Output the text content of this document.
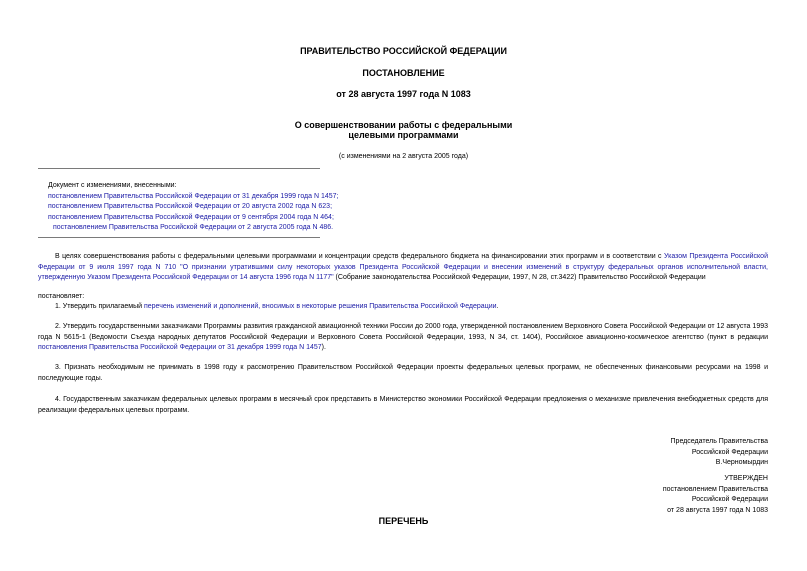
ПРАВИТЕЛЬСТВО РОССИЙСКОЙ ФЕДЕРАЦИИ
ПОСТАНОВЛЕНИЕ
от 28 августа 1997 года N 1083
О совершенствовании работы с федеральными
целевыми программами
(с изменениями на 2 августа 2005 года)
Документ с изменениями, внесенными:
постановлением Правительства Российской Федерации от 31 декабря 1999 года N 1457;
постановлением Правительства Российской Федерации от 20 августа 2002 года N 623;
постановлением Правительства Российской Федерации от 9 сентября 2004 года N 464;
постановлением Правительства Российской Федерации от 2 августа 2005 года N 486.
В целях совершенствования работы с федеральными целевыми программами и концентрации средств федерального бюджета на финансировании этих программ и в соответствии с Указом Президента Российской Федерации от 9 июля 1997 года N 710 "О признании утратившими силу некоторых указов Президента Российской Федерации и внесении изменений в структуру федеральных органов исполнительной власти, утвержденную Указом Президента Российской Федерации от 14 августа 1996 года N 1177" (Собрание законодательства Российской Федерации, 1997, N 28, ст.3422) Правительство Российской Федерации
постановляет:
1. Утвердить прилагаемый перечень изменений и дополнений, вносимых в некоторые решения Правительства Российской Федерации.
2. Утвердить государственными заказчиками Программы развития гражданской авиационной техники России до 2000 года, утвержденной постановлением Верховного Совета Российской Федерации от 12 августа 1993 года N 5615-1 (Ведомости Съезда народных депутатов Российской Федерации и Верховного Совета Российской Федерации, 1993, N 34, ст. 1404), Российское авиационно-космическое агентство (пункт в редакции постановления Правительства Российской Федерации от 31 декабря 1999 года N 1457).
3. Признать необходимым не принимать в 1998 году к рассмотрению Правительством Российской Федерации проекты федеральных целевых программ, не обеспеченных финансовыми ресурсами на 1998 и последующие годы.
4. Государственным заказчикам федеральных целевых программ в месячный срок представить в Министерство экономики Российской Федерации предложения о механизме привлечения внебюджетных средств для реализации федеральных целевых программ.
Председатель Правительства
Российской Федерации
В.Черномырдин
УТВЕРЖДЕН
постановлением Правительства
Российской Федерации
от 28 августа 1997 года N 1083
ПЕРЕЧЕНЬ
